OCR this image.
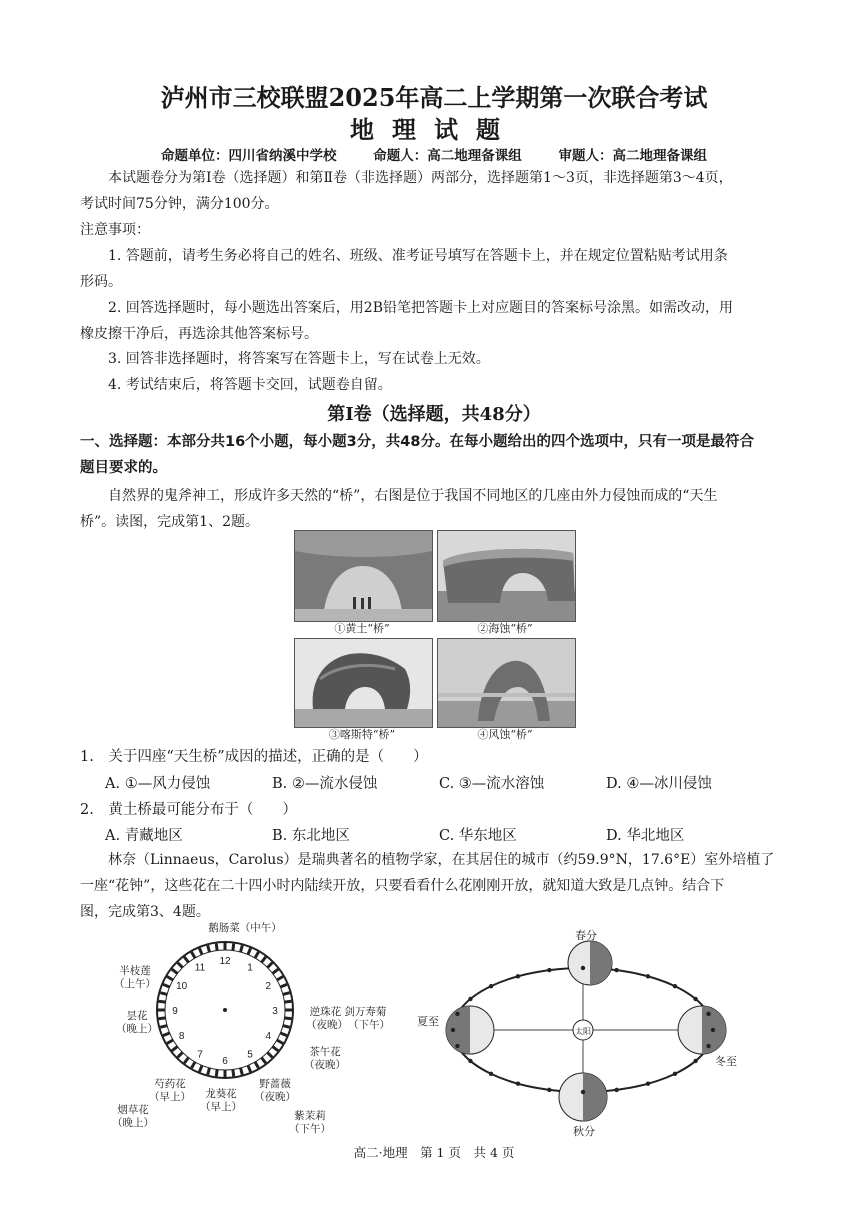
泸州市三校联盟2025年高二上学期第一次联合考试
地理试题
命题单位：四川省纳溪中学校	命题人：高二地理备课组	审题人：高二地理备课组
本试题卷分为第Ⅰ卷（选择题）和第Ⅱ卷（非选择题）两部分，选择题第1～3页，非选择题第3～4页，
考试时间75分钟，满分100分。
注意事项：
1. 答题前，请考生务必将自己的姓名、班级、准考证号填写在答题卡上，并在规定位置粘贴考试用条
形码。
2. 回答选择题时，每小题选出答案后，用2B铅笔把答题卡上对应题目的答案标号涂黑。如需改动，用
橡皮擦干净后，再选涂其他答案标号。
3. 回答非选择题时，将答案写在答题卡上，写在试卷上无效。
4. 考试结束后，将答题卡交回，试题卷自留。
第Ⅰ卷（选择题，共48分）
一、选择题：本部分共16个小题，每小题3分，共48分。在每小题给出的四个选项中，只有一项是最符合
题目要求的。
自然界的鬼斧神工，形成许多天然的“桥”，右图是位于我国不同地区的几座由外力侵蚀而成的“天生
桥”。读图，完成第1、2题。
①黄土“桥”	②海蚀“桥”
③喀斯特“桥”	④风蚀“桥”
1.　关于四座“天生桥”成因的描述，正确的是（　　）
A. ①—风力侵蚀	B. ②—流水侵蚀	C. ③—流水溶蚀	D. ④—冰川侵蚀
2.　黄土桥最可能分布于（　　）
A. 青藏地区	B. 东北地区	C. 华东地区	D. 华北地区
林奈（Linnaeus，Carolus）是瑞典著名的植物学家，在其居住的城市（约59.9°N，17.6°E）室外培植了
一座“花钟”，这些花在二十四小时内陆续开放，只要看看什么花刚刚开放，就知道大致是几点钟。结合下
图，完成第3、4题。
12
1
2
3
4
5
6
7
8
9
10
11
鹅肠菜（中午）
半枝莲
（上午）
昙花
（晚上）
逆珠花 剑万寿菊
（夜晚）　（下午）
茶午花
（夜晚）
野蔷薇
（夜晚）
龙葵花
（早上）
芍药花
（早上）
烟草花
（晚上）
紫茉莉
（下午）
春分
夏至
冬至
秋分
太阳
高二·地理　第 1 页　共 4 页
